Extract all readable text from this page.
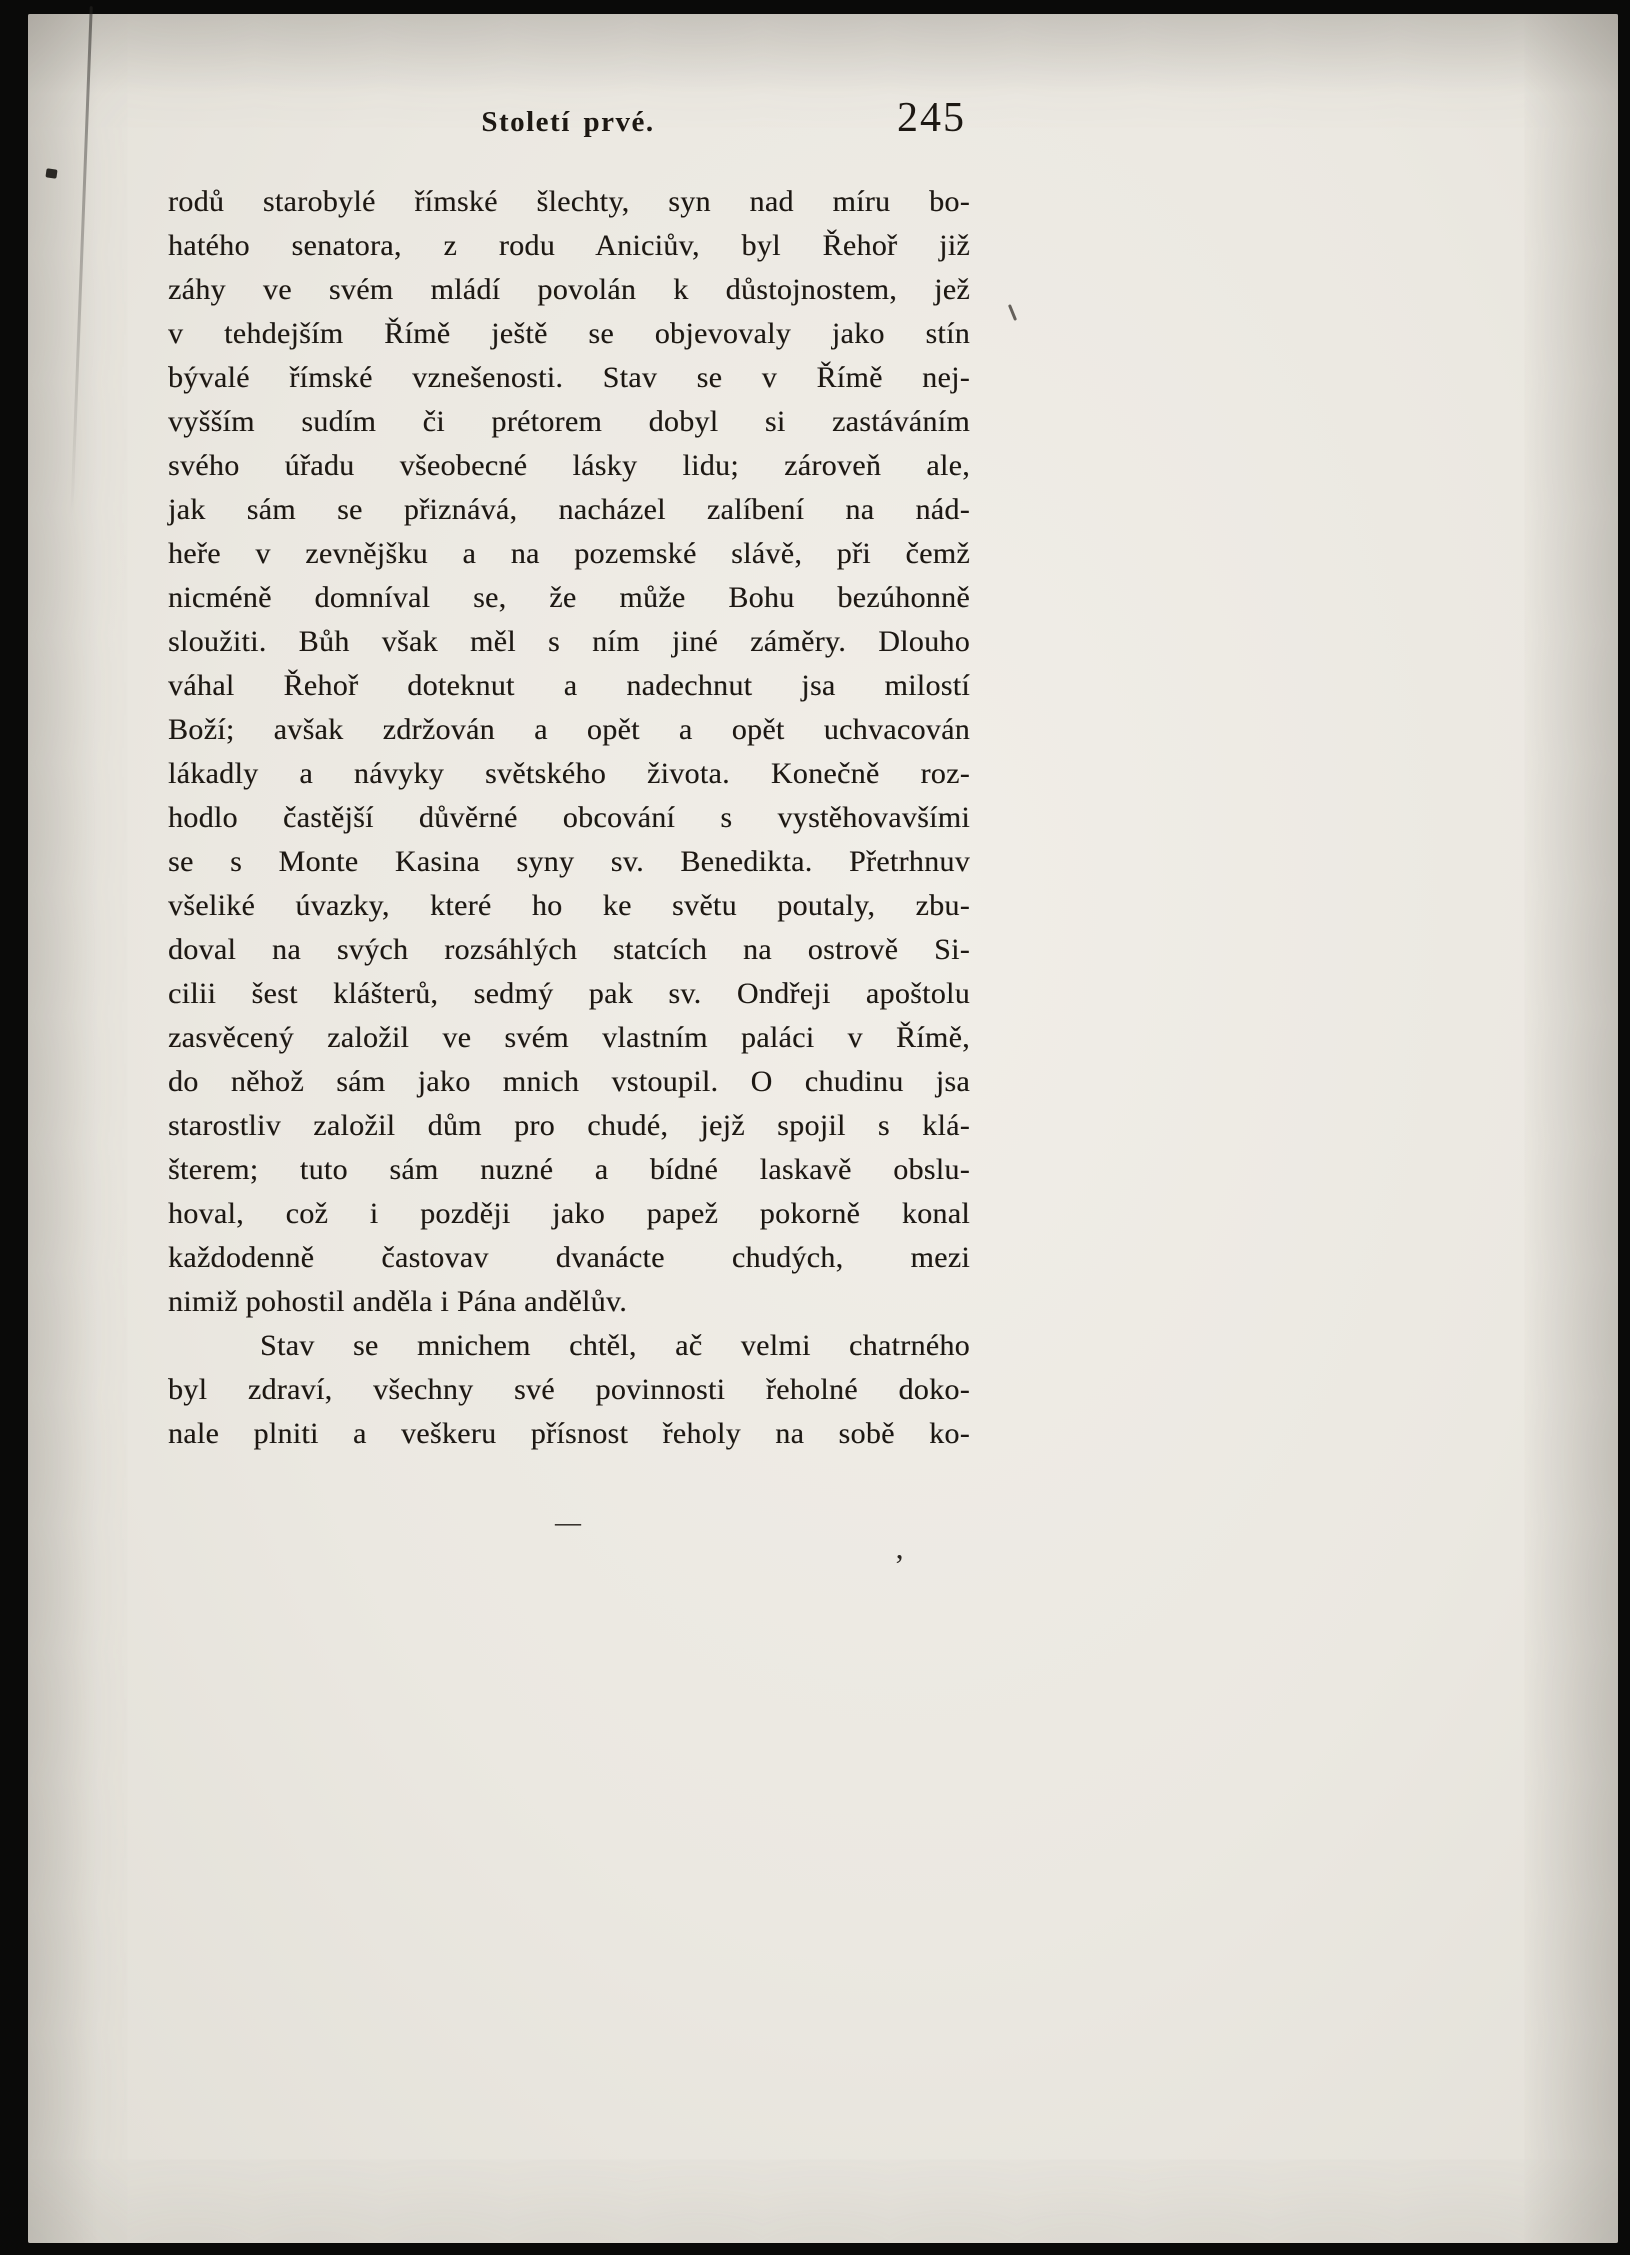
Století prvé.	245
rodů starobylé římské šlechty, syn nad míru bo-
hatého senatora, z rodu Aniciův, byl Řehoř již
záhy ve svém mládí povolán k důstojnostem, jež
v tehdejším Římě ještě se objevovaly jako stín
bývalé římské vznešenosti. Stav se v Římě nej-
vyšším sudím či prétorem dobyl si zastáváním
svého úřadu všeobecné lásky lidu; zároveň ale,
jak sám se přiznává, nacházel zalíbení na nád-
heře v zevnějšku a na pozemské slávě, při čemž
nicméně domníval se, že může Bohu bezúhonně
sloužiti. Bůh však měl s ním jiné záměry. Dlouho
váhal Řehoř doteknut a nadechnut jsa milostí
Boží; avšak zdržován a opět a opět uchvacován
lákadly a návyky světského života. Konečně roz-
hodlo častější důvěrné obcování s vystěhovavšími
se s Monte Kasina syny sv. Benedikta. Přetrhnuv
všeliké úvazky, které ho ke světu poutaly, zbu-
doval na svých rozsáhlých statcích na ostrově Si-
cilii šest klášterů, sedmý pak sv. Ondřeji apoštolu
zasvěcený založil ve svém vlastním paláci v Římě,
do něhož sám jako mnich vstoupil. O chudinu jsa
starostliv založil dům pro chudé, jejž spojil s klá-
šterem; tuto sám nuzné a bídné laskavě obslu-
hoval, což i později jako papež pokorně konal
každodenně častovav dvanácte chudých, mezi
nimiž pohostil anděla i Pána andělův.
Stav se mnichem chtěl, ač velmi chatrného
byl zdraví, všechny své povinnosti řeholné doko-
nale plniti a veškeru přísnost řeholy na sobě ko-
—
’
